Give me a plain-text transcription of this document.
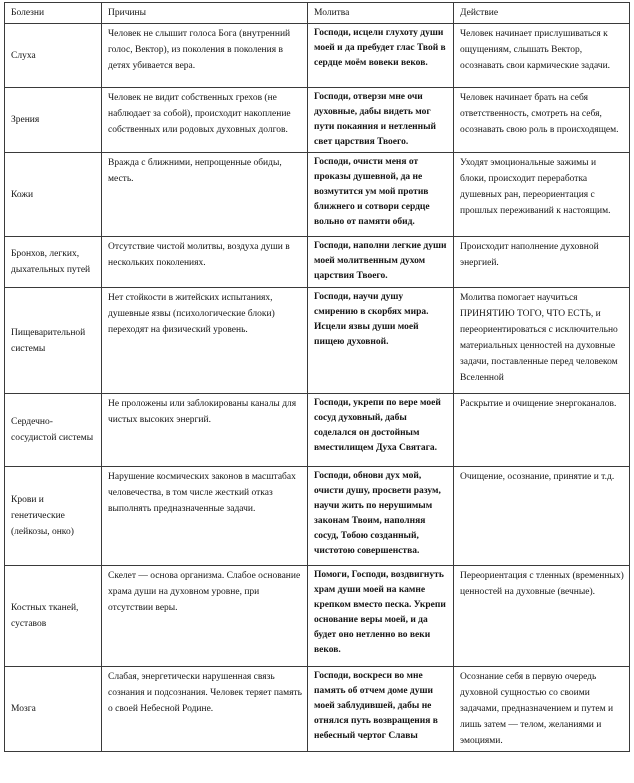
Болезни	Причины	Молитва	Действие
Слуха	Человек не слышит голоса Бога (внутренний голос, Вектор), из поколения в поколения в детях убивается вера.	Господи, исцели глухоту души моей и да пребудет глас Твой в сердце моём вовеки веков.	Человек начинает прислушиваться к ощущениям, слышать Вектор, осознавать свои кармические задачи.
Зрения	Человек не видит собственных грехов (не наблюдает за собой), происходит накопление собственных или родовых духовных долгов.	Господи, отверзи мне очи духовные, дабы видеть мог пути покаяния и нетленный свет царствия Твоего.	Человек начинает брать на себя ответственность, смотреть на себя, осознавать свою роль в происходящем.
Кожи	Вражда с ближними, непрощенные обиды, месть.	Господи, очисти меня от проказы душевной, да не возмутится ум мой против ближнего и сотвори сердце вольно от памяти обид.	Уходят эмоциональные зажимы и блоки, происходит переработка душевных ран, переориентация с прошлых переживаний к настоящим.
Бронхов, легких, дыхательных путей	Отсутствие чистой молитвы, воздуха души в нескольких поколениях.	Господи, наполни легкие души моей молитвенным духом царствия Твоего.	Происходит наполнение духовной энергией.
Пищеварительной системы	Нет стойкости в житейских испытаниях, душевные язвы (психологические блоки) переходят на физический уровень.	Господи, научи душу смирению в скорбях мира. Исцели язвы души моей пищею духовной.	Молитва помогает научиться ПРИНЯТИЮ ТОГО, ЧТО ЕСТЬ, и переориентироваться с исключительно материальных ценностей на духовные задачи, поставленные перед человеком Вселенной
Сердечно-сосудистой системы	Не проложены или заблокированы каналы для чистых высоких энергий.	Господи, укрепи по вере моей сосуд духовный, дабы соделался он достойным вместилищем Духа Святага.	Раскрытие и очищение энергоканалов.
Крови и генетические (лейкозы, онко)	Нарушение космических законов в масштабах человечества, в том числе жесткий отказ выполнять предназначенные задачи.	Господи, обнови дух мой, очисти душу, просвети разум, научи жить по нерушимым законам Твоим, наполняя сосуд, Тобою созданный, чистотою совершенства.	Очищение, осознание, принятие и т.д.
Костных тканей, суставов	Скелет — основа организма. Слабое основание храма души на духовном уровне, при отсутствии веры.	Помоги, Господи, воздвигнуть храм души моей на камне крепком вместо песка. Укрепи основание веры моей, и да будет оно нетленно во веки веков.	Переориентация с тленных (временных) ценностей на духовные (вечные).
Мозга	Слабая, энергетически нарушенная связь сознания и подсознания. Человек теряет память о своей Небесной Родине.	Господи, воскреси во мне память об отчем доме души моей заблудившей, дабы не отнялся путь возвращения в небесный чертог Славы	Осознание себя в первую очередь духовной сущностью со своими задачами, предназначением и путем и лишь затем — телом, желаниями и эмоциями.
